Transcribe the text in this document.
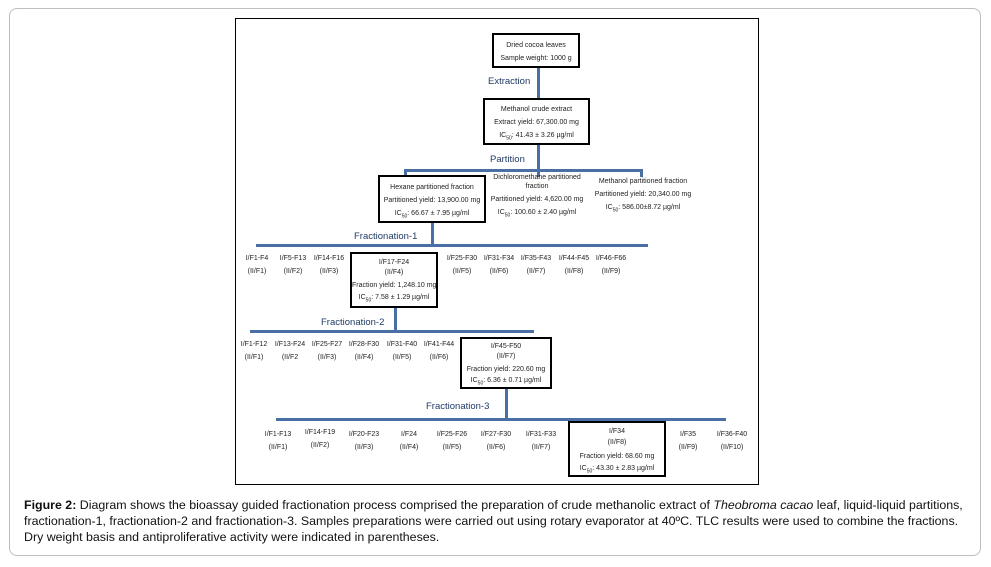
Dried cocoa leaves
Sample weight: 1000 g
Extraction
Methanol crude extract
Extract yield: 67,300.00 mg
$IC_{50}$: 41.43 ± 3.26 µg/ml
Partition
Hexane partitioned fraction
Partitioned yield: 13,900.00 mg
$IC_{50}$: 66.67 ± 7.95 µg/ml
Dichloromethane partitioned
fraction
Partitioned yield: 4,620.00 mg
$IC_{50}$: 100.60 ± 2.40 µg/ml
Methanol partitioned fraction
Partitioned yield: 20,340.00 mg
$IC_{50}$: 586.00±8.72 µg/ml
Fractionation-1
I/F1-F4
(II/F1)
I/F5-F13
(II/F2)
I/F14-F16
(II/F3)
I/F25-F30
(II/F5)
I/F31-F34
(II/F6)
I/F35-F43
(II/F7)
I/F44-F45
(II/F8)
I/F46-F66
(II/F9)
I/F17-F24
(II/F4)
Fraction yield: 1,248.10 mg
$IC_{50}$: 7.58 ± 1.29 µg/ml
Fractionation-2
I/F1-F12
(II/F1)
I/F13-F24
(II/F2
I/F25-F27
(II/F3)
I/F28-F30
(II/F4)
I/F31-F40
(II/F5)
I/F41-F44
(II/F6)
I/F45-F50
(II/F7)
Fraction yield: 220.60 mg
$IC_{50}$: 6.36 ± 0.71 µg/ml
Fractionation-3
I/F1-F13
(II/F1)
I/F14-F19
(II/F2)
I/F20-F23
(II/F3)
I/F24
(II/F4)
I/F25-F26
(II/F5)
I/F27-F30
(II/F6)
I/F31-F33
(II/F7)
I/F35
(II/F9)
I/F36-F40
(II/F10)
I/F34
(II/F8)
Fraction yield: 68.60 mg
$IC_{50}$: 43.30 ± 2.83 µg/ml
Figure 2: Diagram shows the bioassay guided fractionation process comprised the preparation of crude methanolic extract of Theobroma cacao leaf, liquid-liquid partitions, fractionation-1, fractionation-2 and fractionation-3. Samples preparations were carried out using rotary evaporator at 40ºC. TLC results were used to combine the fractions. Dry weight basis and antiproliferative activity were indicated in parentheses.
